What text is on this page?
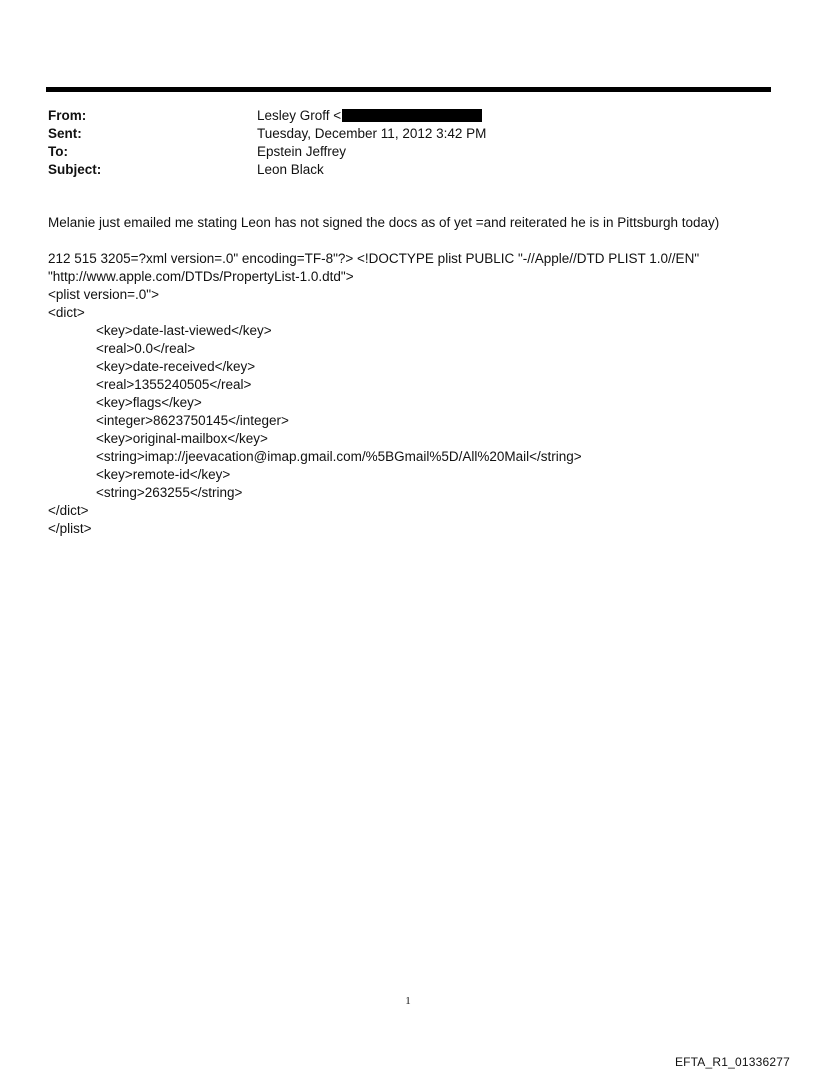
From:	Lesley Groff <
Sent:	Tuesday, December 11, 2012 3:42 PM
To:	Epstein Jeffrey
Subject:	Leon Black
Melanie just emailed me stating Leon has not signed the docs as of yet =and reiterated he is in Pittsburgh today)
212 515 3205=?xml version=.0" encoding=TF-8"?> <!DOCTYPE plist PUBLIC "-//Apple//DTD PLIST 1.0//EN"
"http://www.apple.com/DTDs/PropertyList-1.0.dtd">
<plist version=.0">
<dict>
<key>date-last-viewed</key>
<real>0.0</real>
<key>date-received</key>
<real>1355240505</real>
<key>flags</key>
<integer>8623750145</integer>
<key>original-mailbox</key>
<string>imap://jeevacation@imap.gmail.com/%5BGmail%5D/All%20Mail</string>
<key>remote-id</key>
<string>263255</string>
</dict>
</plist>
1
EFTA_R1_01336277
